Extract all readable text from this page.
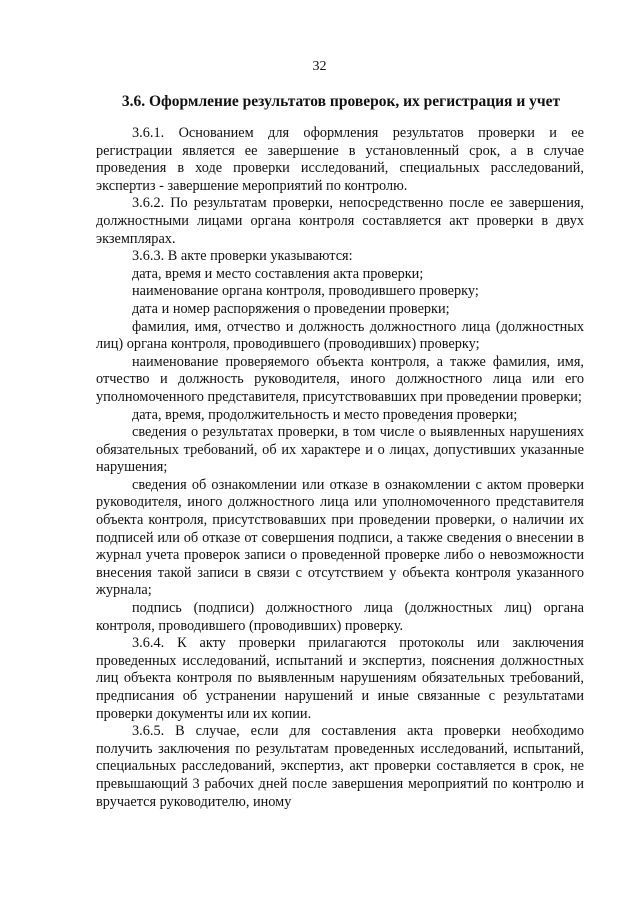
32
3.6. Оформление результатов проверок, их регистрация и учет

3.6.1. Основанием для оформления результатов проверки и ее регистрации является ее завершение в установленный срок, а в случае проведения в ходе проверки исследований, специальных расследований, экспертиз - завершение мероприятий по контролю.

3.6.2. По результатам проверки, непосредственно после ее завершения, должностными лицами органа контроля составляется акт проверки в двух экземплярах.

3.6.3. В акте проверки указываются:

дата, время и место составления акта проверки;

наименование органа контроля, проводившего проверку;

дата и номер распоряжения о проведении проверки;

фамилия, имя, отчество и должность должностного лица (должностных лиц) органа контроля, проводившего (проводивших) проверку;

наименование проверяемого объекта контроля, а также фамилия, имя, отчество и должность руководителя, иного должностного лица или его уполномоченного представителя, присутствовавших при проведении проверки;

дата, время, продолжительность и место проведения проверки;

сведения о результатах проверки, в том числе о выявленных нарушениях обязательных требований, об их характере и о лицах, допустивших указанные нарушения;

сведения об ознакомлении или отказе в ознакомлении с актом проверки руководителя, иного должностного лица или уполномоченного представителя объекта контроля, присутствовавших при проведении проверки, о наличии их подписей или об отказе от совершения подписи, а также сведения о внесении в журнал учета проверок записи о проведенной проверке либо о невозможности внесения такой записи в связи с отсутствием у объекта контроля указанного журнала;

подпись (подписи) должностного лица (должностных лиц) органа контроля, проводившего (проводивших) проверку.

3.6.4. К акту проверки прилагаются протоколы или заключения проведенных исследований, испытаний и экспертиз, пояснения должностных лиц объекта контроля по выявленным нарушениям обязательных требований, предписания об устранении нарушений и иные связанные с результатами проверки документы или их копии.

3.6.5. В случае, если для составления акта проверки необходимо получить заключения по результатам проведенных исследований, испытаний, специальных расследований, экспертиз, акт проверки составляется в срок, не превышающий 3 рабочих дней после завершения мероприятий по контролю и вручается руководителю, иному
